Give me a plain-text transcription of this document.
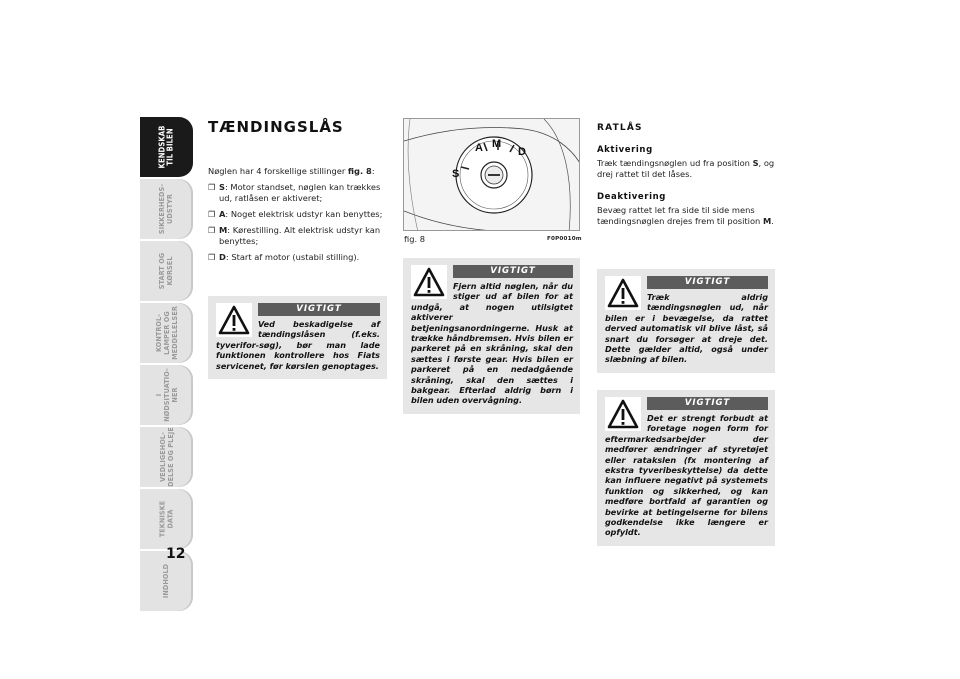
KENDSKAB
TIL BILEN
SIKKERHEDS-
UDSTYR
START OG
KØRSEL
KONTROL-
LAMPER OG
MEDDELELSER
I
NØDSITUATIO-
NER
VEDLIGEHOL-
DELSE OG PLEJE
TEKNISKE
DATA
INDHOLD
12
TÆNDINGSLÅS

Nøglen har 4 forskellige stillinger fig. 8:

❒ S: Motor standset, nøglen kan trækkes ud, ratlåsen er aktiveret;
❒ A: Noget elektrisk udstyr kan benyttes;
❒ M: Kørestilling. Alt elektrisk udstyr kan benyttes;
❒ D: Start af motor (ustabil stilling).
VIGTIGT
Ved beskadigelse af tændingslåsen (f.eks. tyverifor-søg), bør man lade funktionen kontrollere hos Fiats servicenet, før kørslen genoptages.
S
A M
D
fig. 8	F0P0010m
VIGTIGT
Fjern altid nøglen, når du stiger ud af bilen for at undgå, at nogen utilsigtet aktiverer betjeningsanordningerne. Husk at trække håndbremsen. Hvis bilen er parkeret på en skråning, skal den sættes i første gear. Hvis bilen er parkeret på en nedadgående skråning, skal den sættes i bakgear. Efterlad aldrig børn i bilen uden overvågning.
RATLÅS
Aktivering

Træk tændingsnøglen ud fra position S, og drej rattet til det låses.

Deaktivering

Bevæg rattet let fra side til side mens tændingsnøglen drejes frem til position M.

VIGTIGT
Træk aldrig tændingsnøglen ud, når bilen er i bevægelse, da rattet derved automatisk vil blive låst, så snart du forsøger at dreje det. Dette gælder altid, også under slæbning af bilen.
VIGTIGT
Det er strengt forbudt at foretage nogen form for eftermarkedsarbejder der medfører ændringer af styretøjet eller ratakslen (fx montering af ekstra tyveribeskyttelse) da dette kan influere negativt på systemets funktion og sikkerhed, og kan medføre bortfald af garantien og bevirke at betingelserne for bilens godkendelse ikke længere er opfyldt.
